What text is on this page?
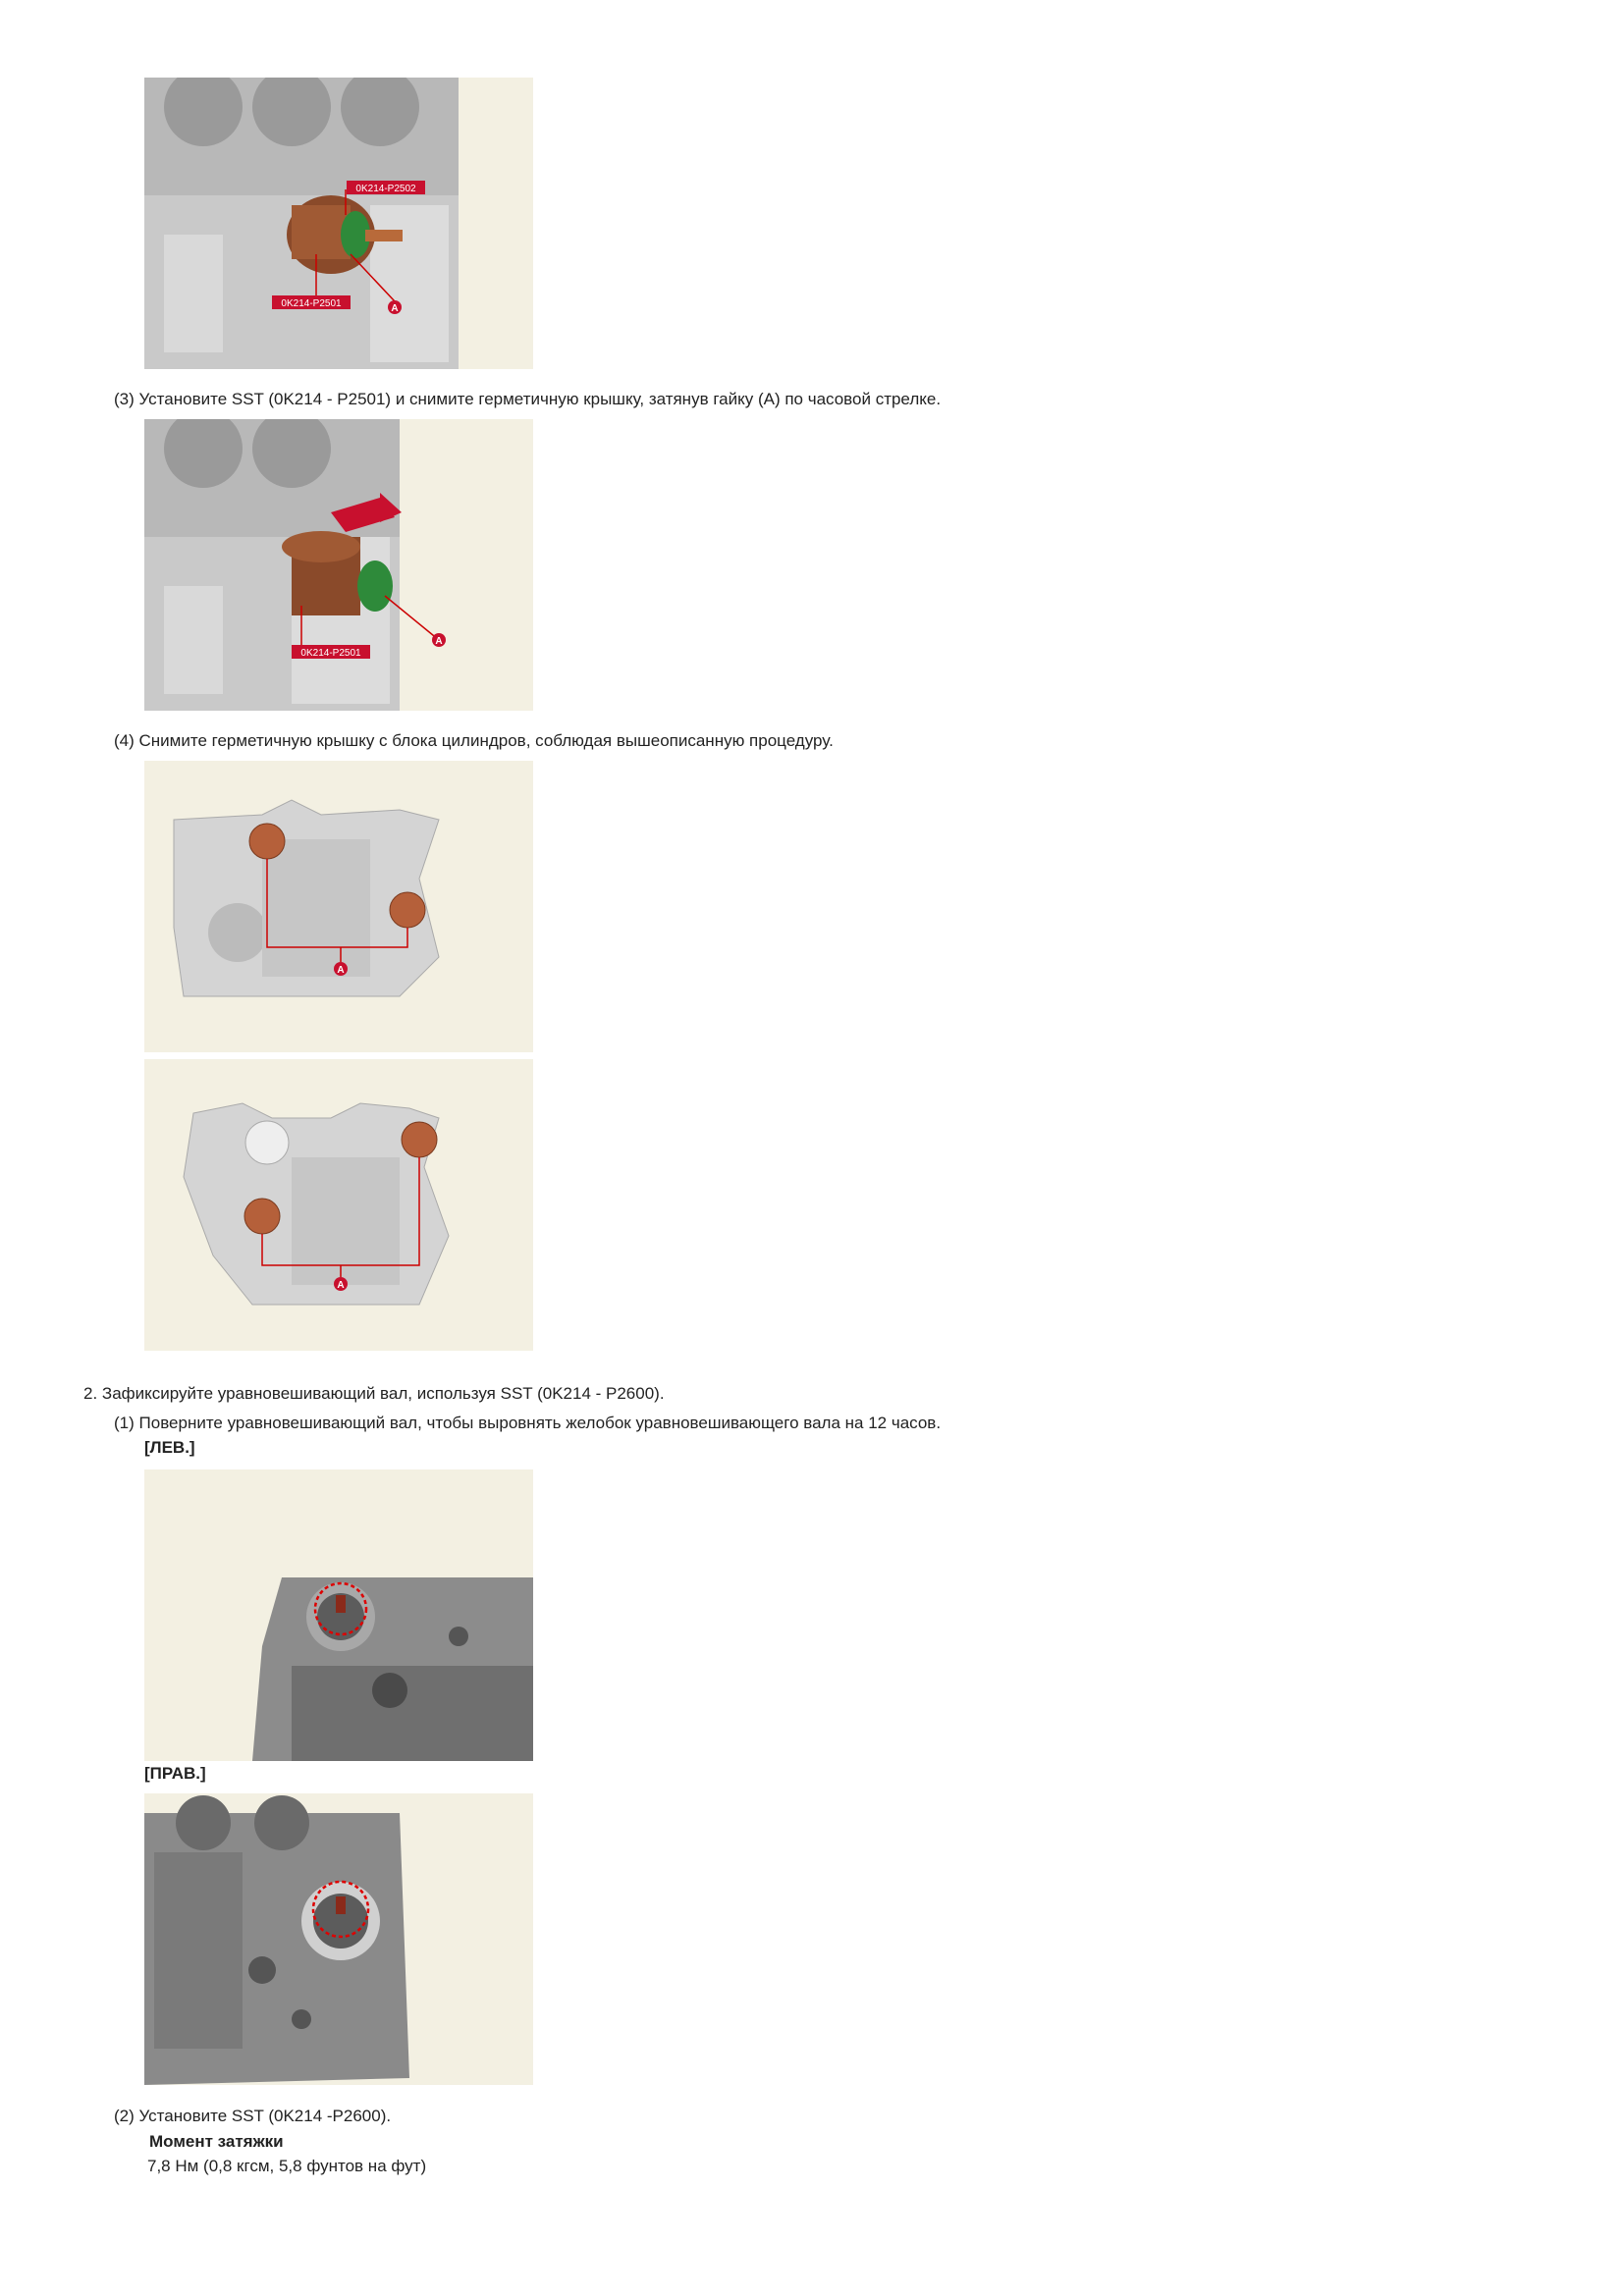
0K214-P2502
0K214-P2501	A
(3) Установите SST (0K214 - P2501) и снимите герметичную крышку, затянув гайку (A) по часовой стрелке.
0K214-P2501
A
(4) Снимите герметичную крышку с блока цилиндров, соблюдая вышеописанную процедуру.
A
A
2. Зафиксируйте уравновешивающий вал, используя SST (0K214 - P2600).
(1) Поверните уравновешивающий вал, чтобы выровнять желобок уравновешивающего вала на 12 часов.
[ЛЕВ.]
[ПРАВ.]
(2) Установите SST (0K214 -P2600).
Момент затяжки
7,8 Нм (0,8 кгсм, 5,8 фунтов на фут)
